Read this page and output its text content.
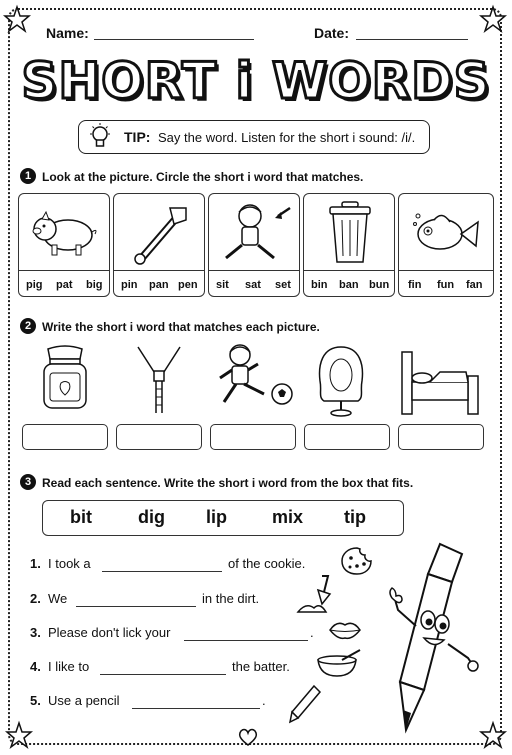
Name:	Date:
SHORT i WORDS
TIP: Say the word. Listen for the short i sound: /i/.
1 Look at the picture. Circle the short i word that matches.
pig pat big pin pan pen sit sat set bin ban bun fin fun fan
2 Write the short i word that matches each picture.
3 Read each sentence. Write the short i word from the box that fits.
bit	dig lip	mix tip
1. I took a	of the cookie.
2. We	in the dirt.
3. Please don't lick your	.
4. I like to	the batter.
5. Use a pencil	.
